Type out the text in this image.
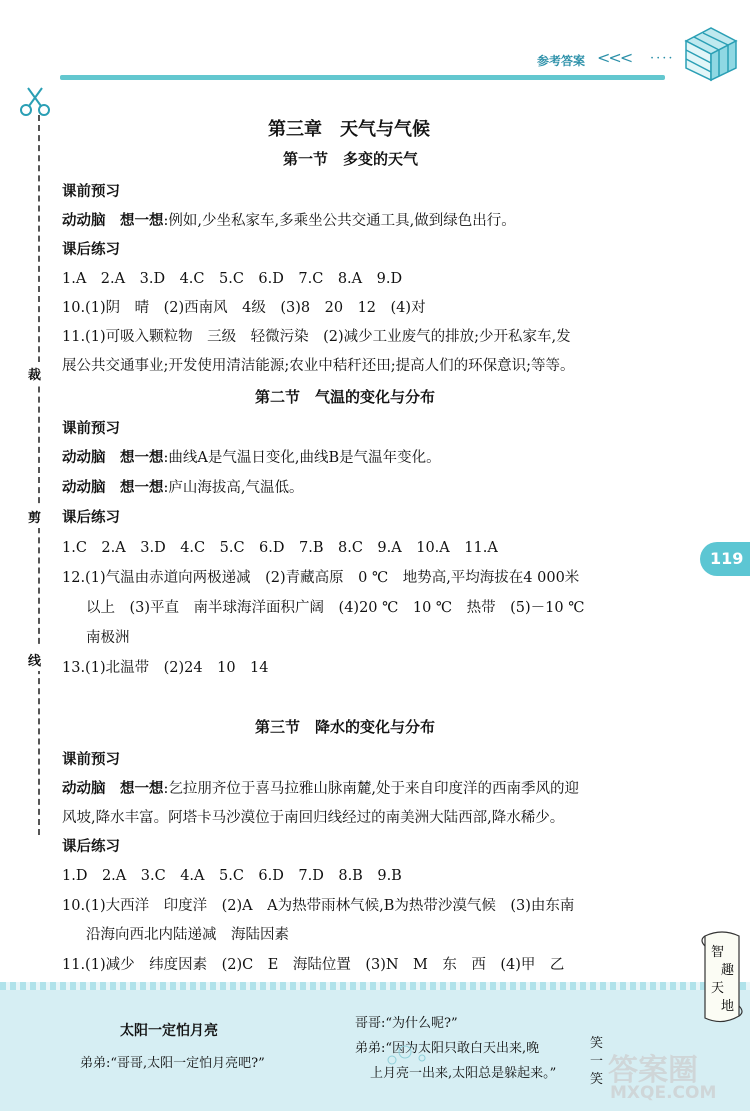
参考答案 <<< ····
裁
剪
线
119
第三章　天气与气候
第一节　多变的天气
课前预习
动动脑　想一想:例如,少坐私家车,多乘坐公共交通工具,做到绿色出行。
课后练习
1.A　2.A　3.D　4.C　5.C　6.D　7.C　8.A　9.D
10.(1)阴　晴　(2)西南风　4级　(3)8　20　12　(4)对
11.(1)可吸入颗粒物　三级　轻微污染　(2)减少工业废气的排放;少开私家车,发
展公共交通事业;开发使用清洁能源;农业中秸秆还田;提高人们的环保意识;等等。
第二节　气温的变化与分布
课前预习
动动脑　想一想:曲线A是气温日变化,曲线B是气温年变化。
动动脑　想一想:庐山海拔高,气温低。
课后练习
1.C　2.A　3.D　4.C　5.C　6.D　7.B　8.C　9.A　10.A　11.A
12.(1)气温由赤道向两极递减　(2)青藏高原　0 ℃　地势高,平均海拔在4 000米
以上　(3)平直　南半球海洋面积广阔　(4)20 ℃　10 ℃　热带　(5)－10 ℃
南极洲
13.(1)北温带　(2)24　10　14
第三节　降水的变化与分布
课前预习
动动脑　想一想:乞拉朋齐位于喜马拉雅山脉南麓,处于来自印度洋的西南季风的迎
风坡,降水丰富。阿塔卡马沙漠位于南回归线经过的南美洲大陆西部,降水稀少。
课后练习
1.D　2.A　3.C　4.A　5.C　6.D　7.D　8.B　9.B
10.(1)大西洋　印度洋　(2)A　A为热带雨林气候,B为热带沙漠气候　(3)由东南
沿海向西北内陆递减　海陆因素
11.(1)减少　纬度因素　(2)C　E　海陆位置　(3)N　M　东　西　(4)甲　乙
太阳一定怕月亮
弟弟:“哥哥,太阳一定怕月亮吧?”
哥哥:“为什么呢?”
弟弟:“因为太阳只敢白天出来,晚
上月亮一出来,太阳总是躲起来。”
笑
一
笑
智
趣
天
地
答案圈
MXQE.COM
